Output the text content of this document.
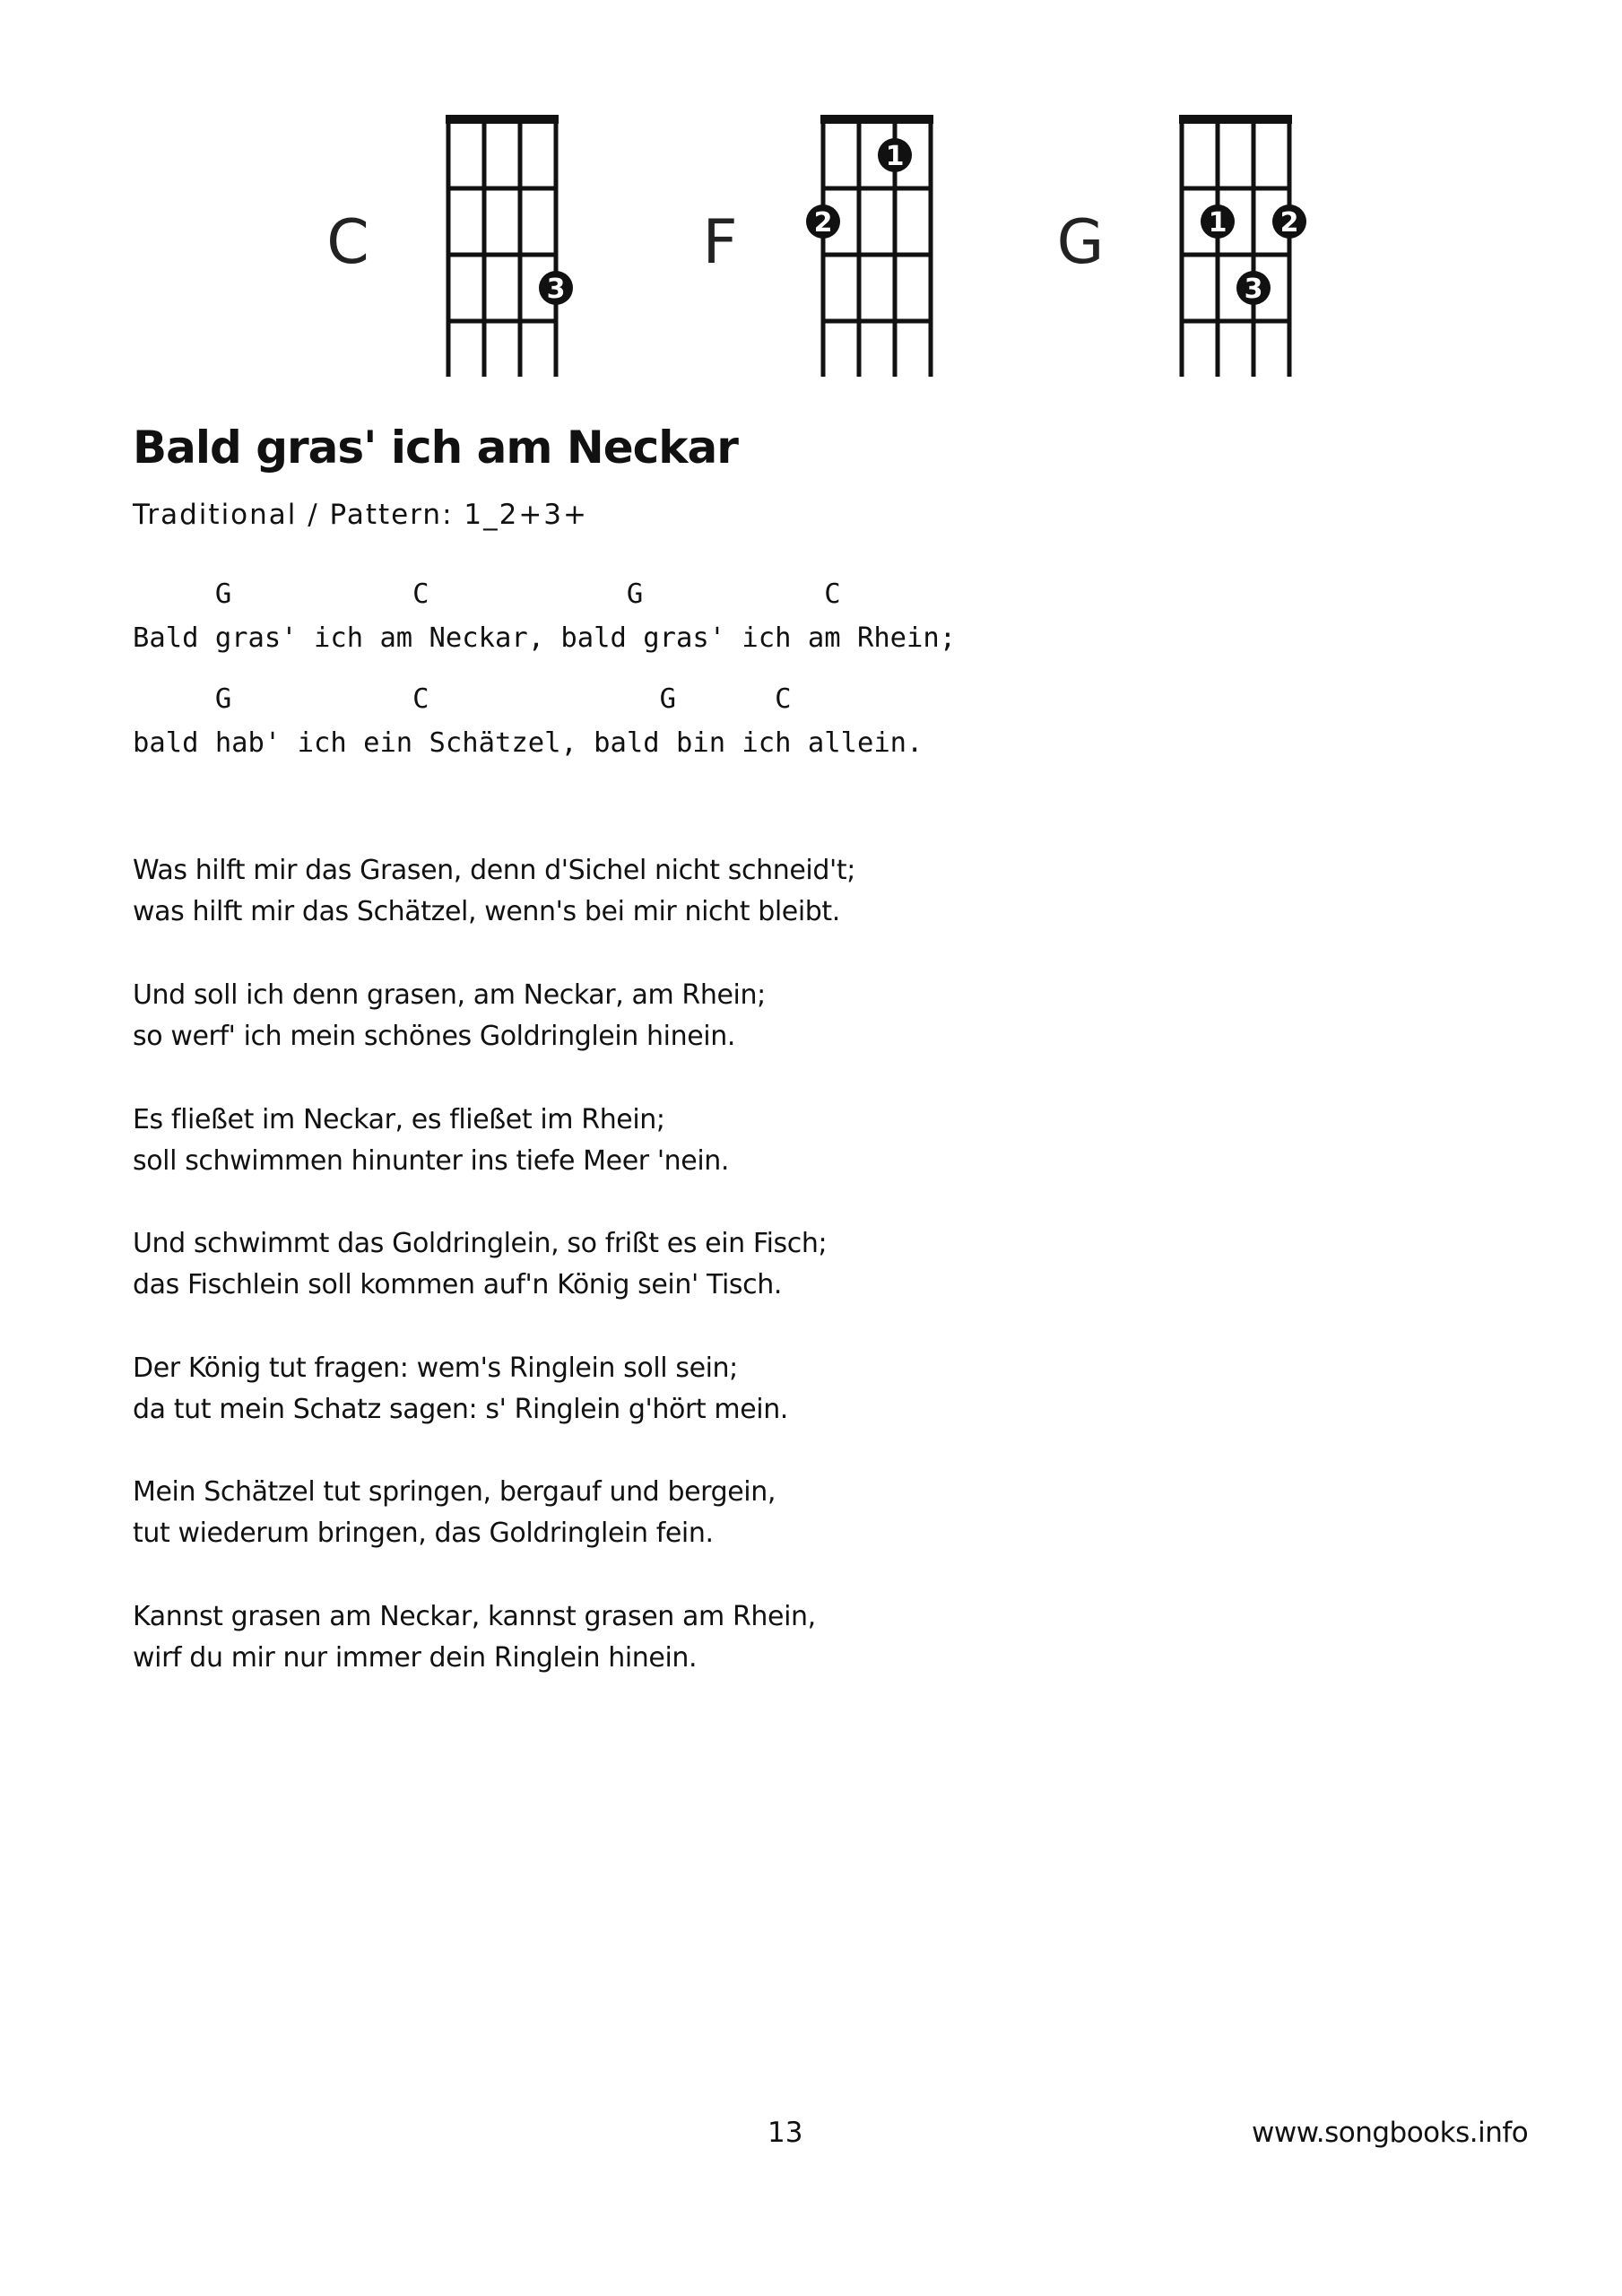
C
3
F	2
1
G	1
3
2
Bald gras' ich am Neckar

Traditional / Pattern: 1_2+3+

G           C            G           C

Bald gras' ich am Neckar, bald gras' ich am Rhein;

G           C              G      C

bald hab' ich ein Schätzel, bald bin ich allein.

Was hilft mir das Grasen, denn d'Sichel nicht schneid't;
was hilft mir das Schätzel, wenn's bei mir nicht bleibt.

Und soll ich denn grasen, am Neckar, am Rhein;
so werf' ich mein schönes Goldringlein hinein.

Es fließet im Neckar, es fließet im Rhein;
soll schwimmen hinunter ins tiefe Meer 'nein.

Und schwimmt das Goldringlein, so frißt es ein Fisch;
das Fischlein soll kommen auf'n König sein' Tisch.

Der König tut fragen: wem's Ringlein soll sein;
da tut mein Schatz sagen: s' Ringlein g'hört mein.

Mein Schätzel tut springen, bergauf und bergein,
tut wiederum bringen, das Goldringlein fein.

Kannst grasen am Neckar, kannst grasen am Rhein,
wirf du mir nur immer dein Ringlein hinein.

13	www.songbooks.info
